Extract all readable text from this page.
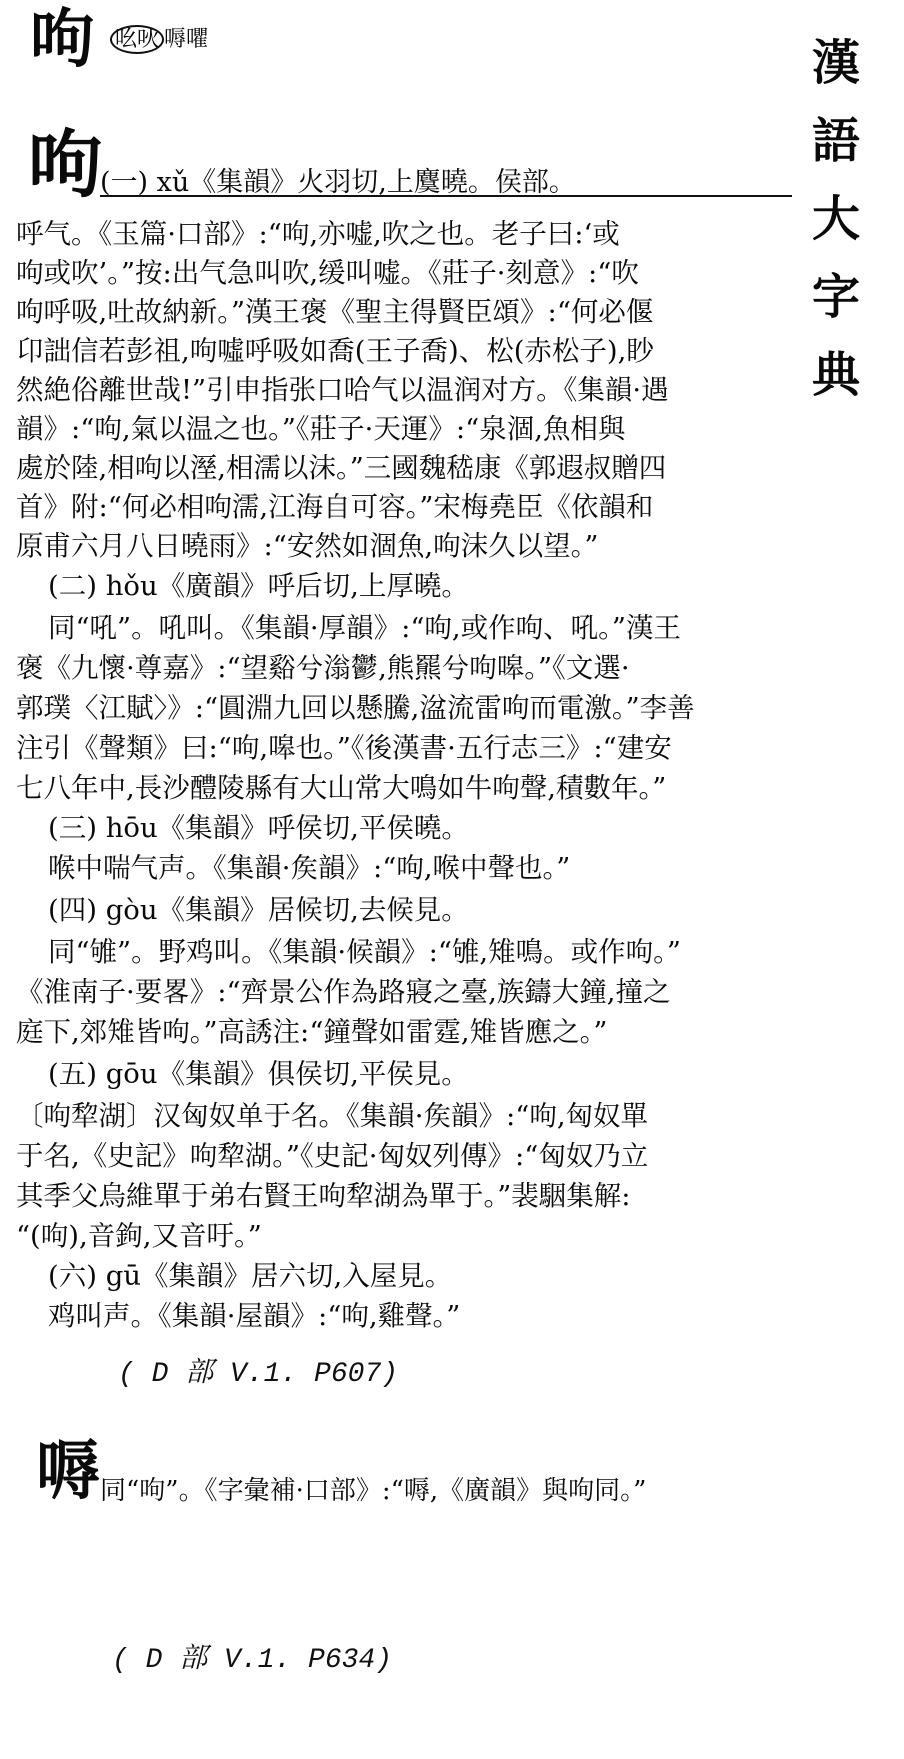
呴 吆吙 嗕㘗	漢語大字典
呴
(一) xǔ《集韻》火羽切,上麌曉。侯部。
呼气。《玉篇·口部》:“呴,亦嘘,吹之也。老子曰:‘或
呴或吹’。”按:出气急叫吹,缓叫嘘。《莊子·刻意》:“吹
呴呼吸,吐故納新。”漢王褒《聖主得賢臣頌》:“何必偃
卬詘信若彭祖,呴噓呼吸如喬(王子喬)、松(赤松子),眇
然絶俗離世哉!”引申指张口哈气以温润对方。《集韻·遇
韻》:“呴,氣以温之也。”《莊子·天運》:“泉涸,魚相與
處於陸,相呴以溼,相濡以沫。”三國魏嵇康《郭遐叔贈四
首》附:“何必相呴濡,江海自可容。”宋梅堯臣《依韻和
原甫六月八日曉雨》:“安然如涸魚,呴沫久以望。”
(二) hǒu《廣韻》呼后切,上厚曉。
同“吼”。吼叫。《集韻·厚韻》:“呴,或作呴、吼。”漢王
褒《九懷·尊嘉》:“望谿兮滃鬱,熊羆兮呴嗥。”《文選·
郭璞〈江賦〉》:“圓淵九回以懸騰,湓流雷呴而電激。”李善
注引《聲類》曰:“呴,嗥也。”《後漢書·五行志三》:“建安
七八年中,長沙醴陵縣有大山常大鳴如牛呴聲,積數年。”
(三) hōu《集韻》呼侯切,平侯曉。
喉中喘气声。《集韻·矦韻》:“呴,喉中聲也。”
(四) gòu《集韻》居候切,去候見。
同“雊”。野鸡叫。《集韻·候韻》:“雊,雉鳴。或作呴。”
《淮南子·要畧》:“齊景公作為路寢之臺,族鑄大鐘,撞之
庭下,郊雉皆呴。”高誘注:“鐘聲如雷霆,雉皆應之。”
(五) gōu《集韻》俱侯切,平侯見。
〔呴犂湖〕汉匈奴单于名。《集韻·矦韻》:“呴,匈奴單
于名,《史記》呴犂湖。”《史記·匈奴列傳》:“匈奴乃立
其季父烏維單于弟右賢王呴犂湖為單于。”裴駰集解:
“(呴),音鉤,又音吁。”
(六) gū《集韻》居六切,入屋見。
鸡叫声。《集韻·屋韻》:“呴,雞聲。”
( D 部 V.1. P607)
嗕 同“呴”。《字彙補·口部》:“嗕,《廣韻》與呴同。”
( D 部 V.1. P634)
